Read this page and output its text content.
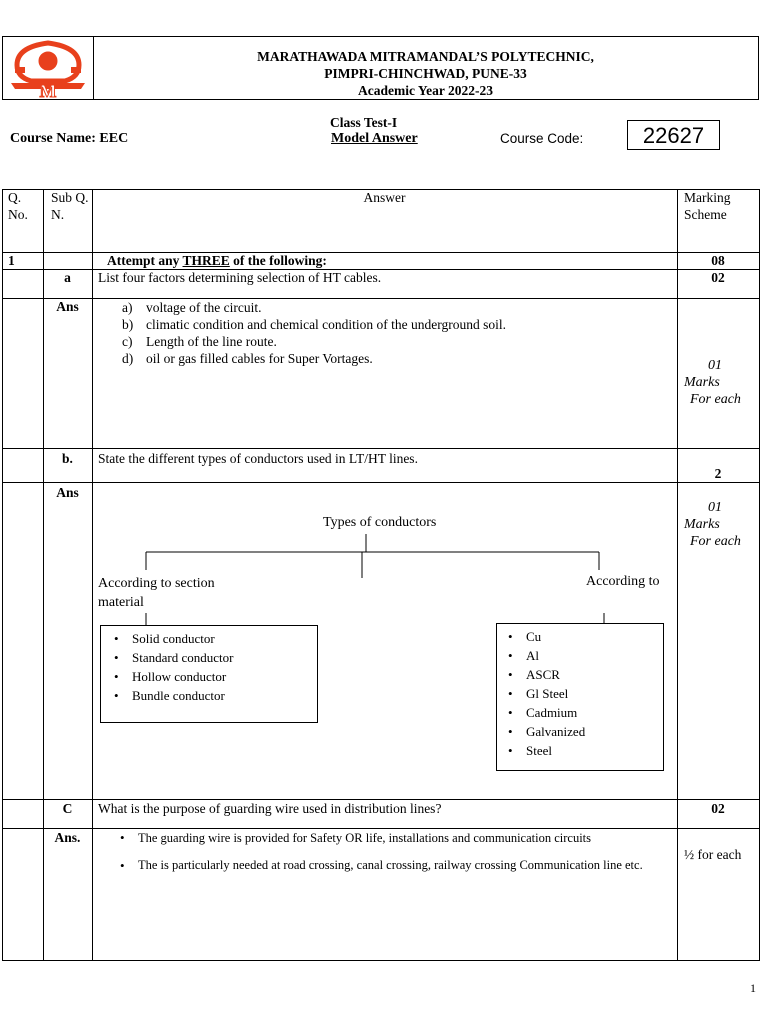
M
MARATHAWADA MITRAMANDAL’S POLYTECHNIC,
PIMPRI-CHINCHWAD, PUNE-33
Academic Year 2022-23
Class Test-I
Course Name: EEC	Model Answer	Course Code:	22627
Q. No.
Sub Q. N.
Answer	Marking Scheme
1	Attempt any THREE of the following:	08
a	List four factors determining selection of HT cables.	02
Ans	a) voltage of the circuit.
b) climatic condition and chemical condition of the underground soil.
c) Length of the line route.
d) oil or gas filled cables for Super Vortages.	01
Marks
For each
b.	State the different types of conductors used in LT/HT lines.
2
Ans
01
Marks
For each
Types of conductors
According to section
material
According to
• Solid conductor
• Standard conductor
• Hollow conductor
• Bundle conductor
• Cu
• Al
• ASCR
• Gl Steel
• Cadmium
• Galvanized
• Steel
C	What is the purpose of guarding wire used in distribution lines?	02
Ans.
•	The guarding wire is provided for Safety OR life, installations and communication circuits
• The is particularly needed at road crossing, canal crossing, railway crossing Communication line etc.
½ for each
1
